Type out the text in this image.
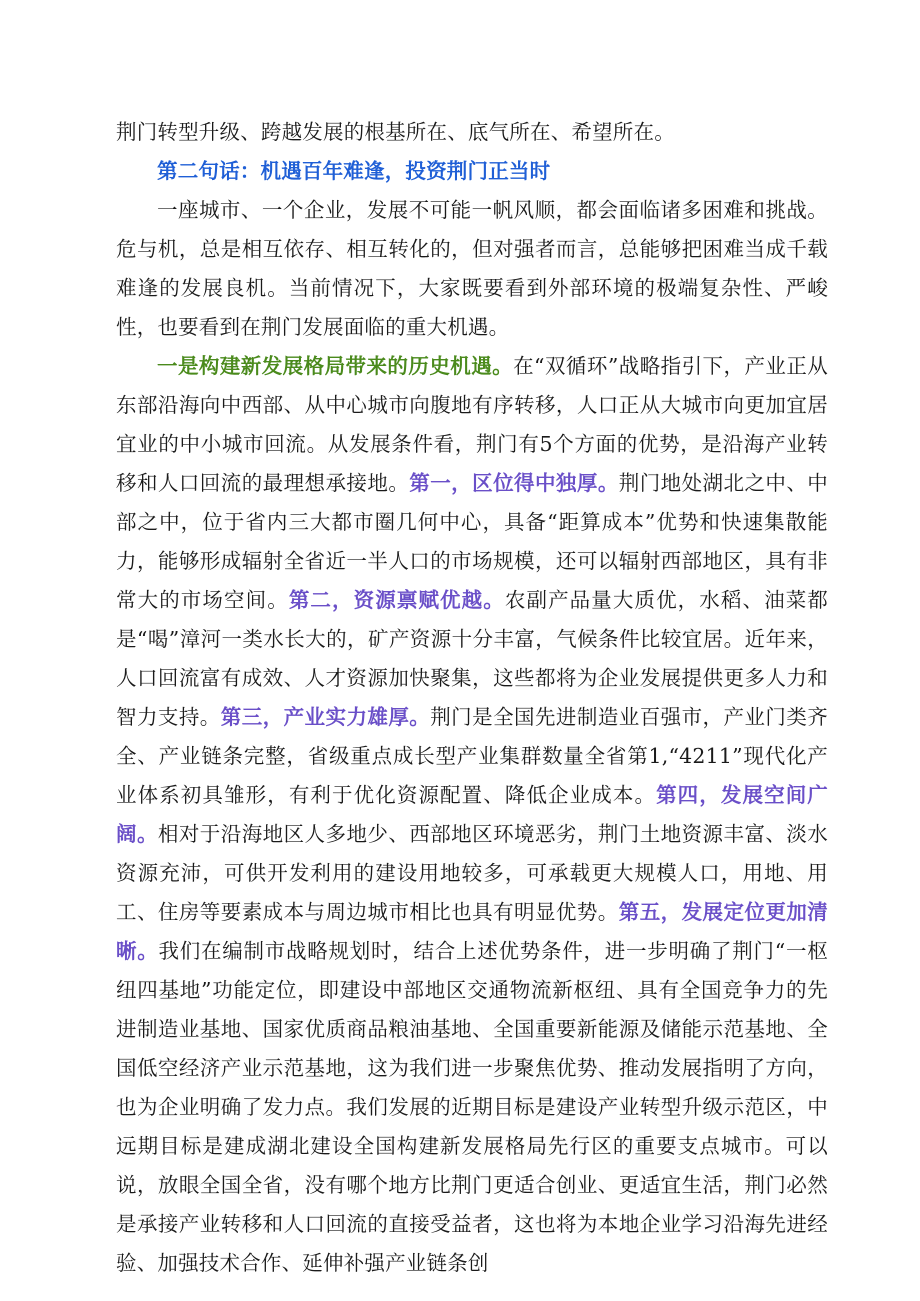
荆门转型升级、跨越发展的根基所在、底气所在、希望所在。

第二句话：机遇百年难逢，投资荆门正当时

一座城市、一个企业，发展不可能一帆风顺，都会面临诸多困难和挑战。危与机，总是相互依存、相互转化的，但对强者而言，总能够把困难当成千载难逢的发展良机。当前情况下，大家既要看到外部环境的极端复杂性、严峻性，也要看到在荆门发展面临的重大机遇。

一是构建新发展格局带来的历史机遇。在“双循环”战略指引下，产业正从东部沿海向中西部、从中心城市向腹地有序转移，人口正从大城市向更加宜居宜业的中小城市回流。从发展条件看，荆门有5个方面的优势，是沿海产业转移和人口回流的最理想承接地。第一，区位得中独厚。荆门地处湖北之中、中部之中，位于省内三大都市圈几何中心，具备“距算成本”优势和快速集散能力，能够形成辐射全省近一半人口的市场规模，还可以辐射西部地区，具有非常大的市场空间。第二，资源禀赋优越。农副产品量大质优，水稻、油菜都是“喝”漳河一类水长大的，矿产资源十分丰富，气候条件比较宜居。近年来，人口回流富有成效、人才资源加快聚集，这些都将为企业发展提供更多人力和智力支持。第三，产业实力雄厚。荆门是全国先进制造业百强市，产业门类齐全、产业链条完整，省级重点成长型产业集群数量全省第1,“4211”现代化产业体系初具雏形，有利于优化资源配置、降低企业成本。第四，发展空间广阔。相对于沿海地区人多地少、西部地区环境恶劣，荆门土地资源丰富、淡水资源充沛，可供开发利用的建设用地较多，可承载更大规模人口，用地、用工、住房等要素成本与周边城市相比也具有明显优势。第五，发展定位更加清晰。我们在编制市战略规划时，结合上述优势条件，进一步明确了荆门“一枢纽四基地”功能定位，即建设中部地区交通物流新枢纽、具有全国竞争力的先进制造业基地、国家优质商品粮油基地、全国重要新能源及储能示范基地、全国低空经济产业示范基地，这为我们进一步聚焦优势、推动发展指明了方向，也为企业明确了发力点。我们发展的近期目标是建设产业转型升级示范区，中远期目标是建成湖北建设全国构建新发展格局先行区的重要支点城市。可以说，放眼全国全省，没有哪个地方比荆门更适合创业、更适宜生活，荆门必然是承接产业转移和人口回流的直接受益者，这也将为本地企业学习沿海先进经验、加强技术合作、延伸补强产业链条创
